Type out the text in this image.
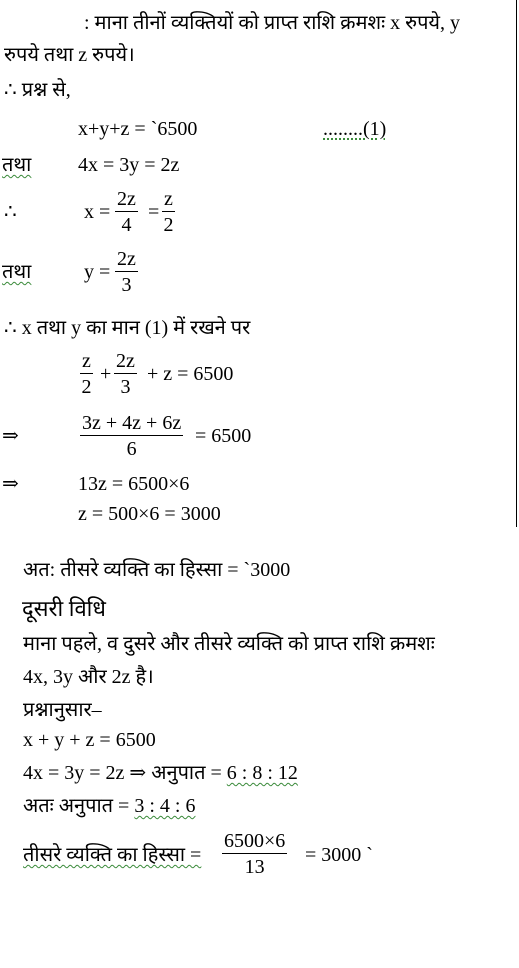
: माना तीनों व्यक्तियों को प्राप्त राशि क्रमशः x रुपये, y
रुपये तथा z रुपये।
∴ प्रश्न से,
x+y+z = `6500	........(1)
तथा 4x = 3y = 2z
∴	$x = \frac{2z}{4} = \frac{z}{2}$
तथा	$y = \frac{2z}{3}$
∴ x तथा y का मान (1) में रखने पर
$\frac{z}{2} + \frac{2z}{3} + z = 6500$
⇒	$\frac{3z + 4z + 6z}{6} = 6500$
⇒	13z = 6500×6
z = 500×6 = 3000
अत: तीसरे व्यक्ति का हिस्सा = `3000
दूसरी विधि
माना पहले, व दुसरे और तीसरे व्यक्ति को प्राप्त राशि क्रमशः
4x, 3y और 2z है।
प्रश्नानुसार–
x + y + z = 6500
4x = 3y = 2z ⇒ अनुपात = 6 : 8 : 12
अतः अनुपात = 3 : 4 : 6
तीसरे व्यक्ति का हिस्सा = $\frac{6500\times 6}{13} = 3000$ `
